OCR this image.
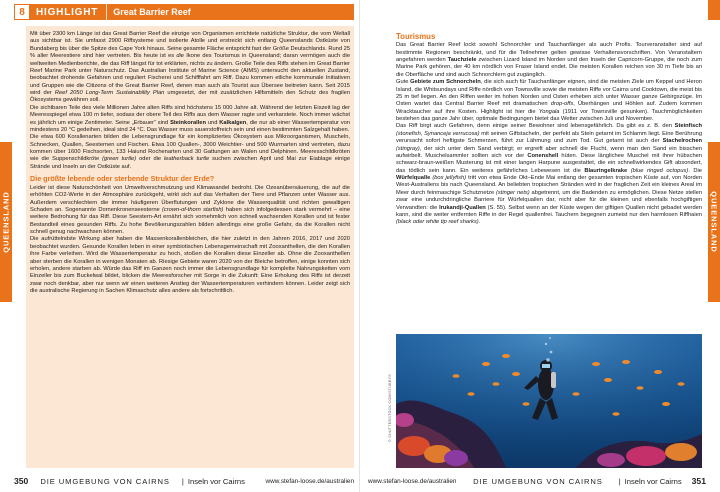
8	HIGHLIGHT	Great Barrier Reef
QUEENSLAND	QUEENSLAND

Mit über 2300 km Länge ist das Great Barrier Reef die einzige von Organismen errichtete natürliche Struktur, die vom Weltall aus sichtbar ist. Sie umfasst 2900 Riffsysteme und isolierte Atolle und erstreckt sich entlang Queenslands Ostküste von Bundaberg bis über die Spitze des Cape York hinaus. Seine gesamte Fläche entspricht fast der Größe Deutschlands. Rund 25 % aller Meerestiere sind hier vertreten. Bis heute ist es die Ikone des Tourismus in Queensland; daran vermögen auch die weltweiten Medienberichte, die das Riff längst für tot erklärten, nichts zu ändern. Große Teile des Riffs stehen im Great Barrier Reef Marine Park unter Naturschutz. Das Australian Institute of Marine Science (AIMS) untersucht den aktuellen Zustand, beobachtet drohende Gefahren und reguliert Fischerei und Schifffahrt am Riff. Dazu kommen etliche kommunale Initiativen und Gruppen wie die Citizens of the Great Barrier Reef, denen man auch als Tourist aus Übersee beitreten kann. Seit 2015 wird der Reef 2050 Long-Term Sustainability Plan umgesetzt, der mit zusätzlichen Hilfsmitteln den Schutz des fragilen Ökosystems gewähren soll.

Die sichtbaren Teile des viele Millionen Jahre alten Riffs sind höchstens 15 000 Jahre alt. Während der letzten Eiszeit lag der Meeresspiegel etwa 100 m tiefer, sodass der obere Teil des Riffs aus dem Wasser ragte und verkarstete. Noch immer wächst es jährlich um einige Zentimeter. Seine „Erbauer“ sind Steinkorallen und Kalkalgen, die nur ab einer Wassertemperatur von mindestens 20 °C gedeihen, ideal sind 24 °C. Das Wasser muss sauerstoffreich sein und einen bestimmten Salzgehalt haben.

Die etwa 600 Korallenarten bilden die Lebensgrundlage für ein kompliziertes Ökosystem aus Mikroorganismen, Muscheln, Schnecken, Quallen, Seesternen und Fischen. Etwa 100 Quallen-, 3000 Weichtier- und 500 Wurmarten sind vertreten, dazu kommen über 1600 Fischsorten, 133 Haiund Rochenarten und 30 Gattungen an Walen und Delphinen. Meeresschildkröten wie die Suppenschildkröte (green turtle) oder die leatherback turtle suchen zwischen April und Mai zur Eiablage einige Strände und Inseln an der Ostküste auf.

Die größte lebende oder sterbende Struktur der Erde?

Leider ist diese Naturschönheit von Umweltverschmutzung und Klimawandel bedroht. Die Ozeanübersäuerung, die auf die erhöhten CO2-Werte in der Atmosphäre zurückgeht, wirkt sich auf das Verhalten der Tiere und Pflanzen unter Wasser aus. Außerdem verschlechtern die immer häufigeren Überflutungen und Zyklone die Wasserqualität und richten gewaltigen Schaden an. Sogenannte Dornenkronenseesterne (crown-of-thorn starfish) haben sich infolgedessen stark vermehrt – eine weitere Bedrohung für das Riff. Diese Seestern-Art ernährt sich vornehmlich von schnell wachsenden Korallen und ist fester Bestandteil eines gesunden Riffs. Zu hohe Bevölkerungszahlen bilden allerdings eine große Gefahr, da die Korallen nicht schnell genug nachwachsen können.

Die aufrüttelndste Wirkung aber haben die Massenkorallenbleichen, die hier zuletzt in den Jahren 2016, 2017 und 2020 beobachtet wurden. Gesunde Korallen leben in einer symbiotischen Lebensgemeinschaft mit Zooxanthellen, die den Korallen ihre Farbe verleihen. Wird die Wassertemperatur zu hoch, stoßen die Korallen diese Einzeller ab. Ohne die Zooxanthellen aber sterben die Korallen in wenigen Monaten ab. Riesige Gebiete waren 2020 von der Bleiche betroffen, einige konnten sich erholen, andere starben ab. Würde das Riff im Ganzen noch immer die Lebensgrundlage für komplette Nahrungsketten vom Einzeller bis zum Buckelwal bildet, blicken die Meeresforscher mit Sorge in die Zukunft: Eine Erholung des Riffs ist derzeit zwar noch denkbar, aber nur wenn wir einen weiteren Anstieg der Wassertemperaturen verhindern können. Leider zeigt sich die australische Regierung in Sachen Klimaschutz alles andere als fortschrittlich.

Tourismus

Das Great Barrier Reef lockt sowohl Schnorchler und Tauchanfänger als auch Profis. Tourveranstalter sind auf bestimmte Regionen beschränkt, und für die Teilnehmer gelten gewisse Verhaltensvorschriften. Von Veranstaltern angefahren werden Tauchziele zwischen Lizard Island im Norden und den Inseln der Capricorn-Gruppe, die noch zum Marine Park gehören, der 40 km nördlich von Fraser Island endet. Die meisten Korallen reichen von 30 m Tiefe bis an die Oberfläche und sind auch Schnorchlern gut zugänglich.

Gute Gebiete zum Schnorcheln, die sich auch für Tauchanfänger eignen, sind die meisten Ziele um Keppel und Heron Island, die Whitsundays und Riffe nördlich von Townsville sowie die meisten Riffe vor Cairns und Cooktown, die meist bis 25 m tief liegen. An den Riffen weiter im hohen Norden und Osten erheben sich unter Wasser ganze Gebirgszüge. Im Osten wartet das Central Barrier Reef mit dramatischen drop-offs, Überhängen und Höhlen auf. Zudem kommen Wracktaucher auf ihre Kosten. Highlight ist hier die Yongala (1911 vor Townsville gesunken). Tauchmöglichkeiten bestehen das ganze Jahr über, optimale Bedingungen bietet das Wetter zwischen Juli und November.

Das Riff birgt auch Gefahren, denn einige seiner Bewohner sind lebensgefährlich. Da gibt es z. B. den Steinfisch (stonefish, Synanceja verrucosa) mit seinen Giftstacheln, der perfekt als Stein getarnt im Schlamm liegt. Eine Berührung verursacht sofort heftigste Schmerzen, führt zur Lähmung und zum Tod. Gut getarnt ist auch der Stachelrochen (stingray), der sich unter dem Sand verbirgt; er ergreift aber schnell die Flucht, wenn man den Sand ein bisschen aufwirbelt. Muschelsammler sollten sich vor der Conenshell hüten. Diese länglichee Muschel mit ihrer hübschen schwarz-braun-weißen Musterung ist mit einer langen Harpune ausgestattet, die ein schnellwirkendes Gift absondert, das tödlich sein kann. Ein weiteres gefährliches Lebewesen ist die Blauringelkrake (blue ringed octopus). Die Würfelqualle (box jellyfish) tritt von etwa Ende Okt–Ende Mai entlang der gesamten tropischen Küste auf, von Norden West-Australiens bis nach Queensland. An beliebten tropischen Stränden wird in der fraglichen Zeit ein kleines Areal im Meer durch feinmaschige Schutznetze (stinger nets) abgetrennt, um die Badenden zu ermöglichen. Diese Netze stellen zwar eine undurchdringliche Barriere für Würfelquallen dar, nicht aber für die kleinen und ebenfalls hochgiftigen Verwandten: die Irukandji-Quallen (S. 55). Selbst wenn an der Küste wegen der giftigen Quallen nicht gebadet werden kann, sind die weiter entfernten Riffe in der Regel quallenfrei. Tauchern begegnen zumeist nur den harmlosen Riffhaien (black oder white tip reef sharks).

© SHUTTERSTOCK.COM/STUBBYS
350 DIE UMGEBUNG VON CAIRNS	| Inseln vor Cairns	www.stefan-loose.de/australien www.stefan-loose.de/australien DIE UMGEBUNG VON CAIRNS	| Inseln vor Cairns 351
